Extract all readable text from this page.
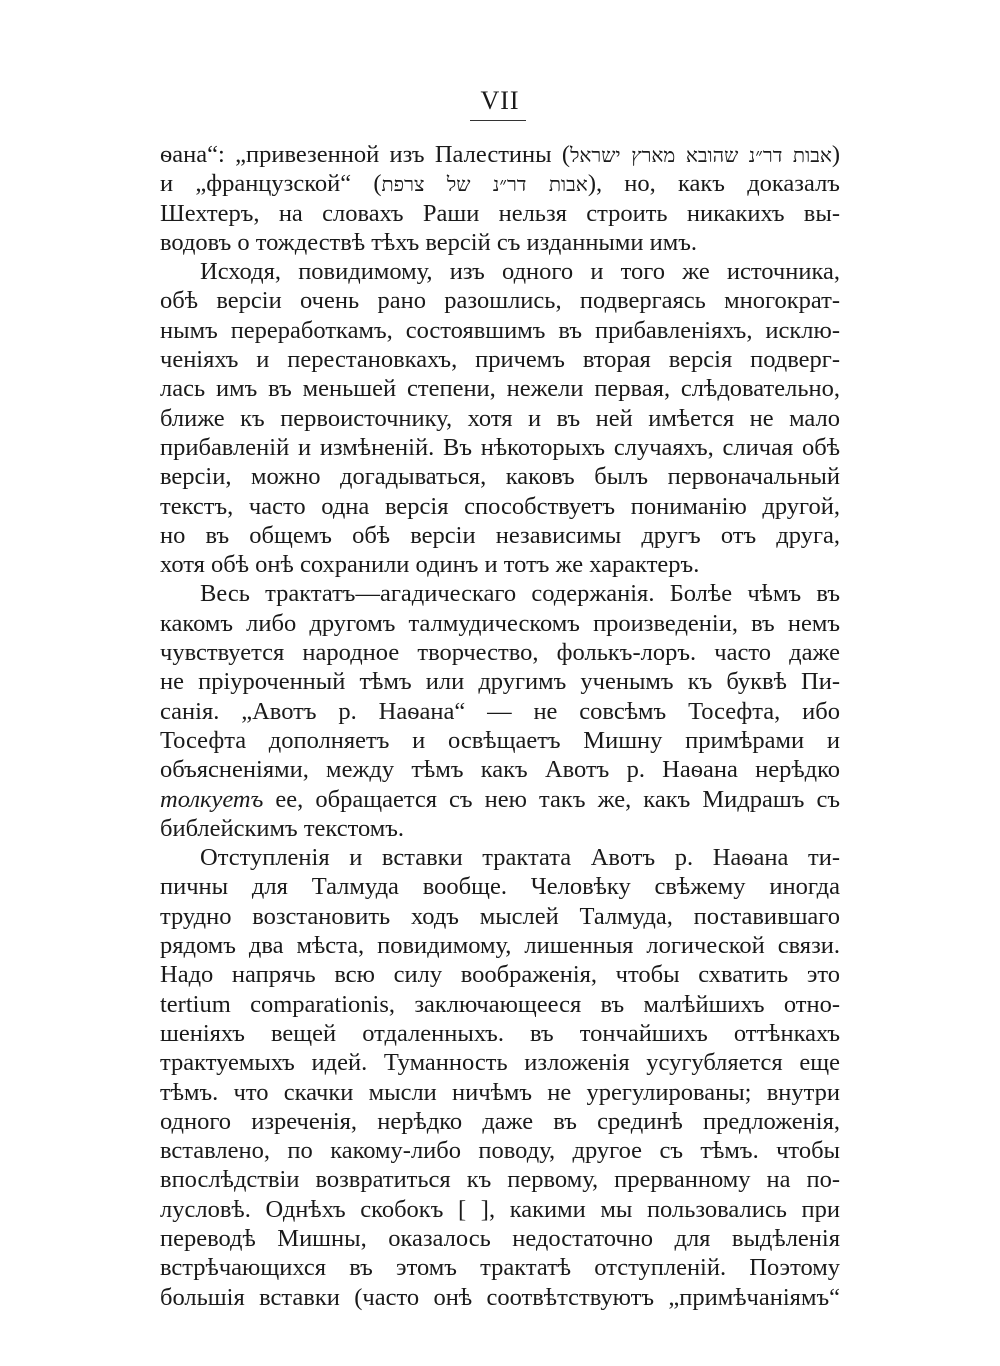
VII
ѳана“: „привезенной изъ Палестины (אבות דר״נ שהובא מארץ ישראל)
и „французской“ (אבות דר״נ של צרפת), но, какъ доказалъ
Шехтеръ, на словахъ Раши нельзя строить никакихъ вы-
водовъ о тождествѣ тѣхъ версій съ изданными имъ.
Исходя, повидимому, изъ одного и того же источника,
обѣ версіи очень рано разошлись, подвергаясь многократ-
нымъ переработкамъ, состоявшимъ въ прибавленіяхъ, исклю-
ченіяхъ и перестановкахъ, причемъ вторая версія подверг-
лась имъ въ меньшей степени, нежели первая, слѣдовательно,
ближе къ первоисточнику, хотя и въ ней имѣется не мало
прибавленій и измѣненій. Въ нѣкоторыхъ случаяхъ, сличая обѣ
версіи, можно догадываться, каковъ былъ первоначальный
текстъ, часто одна версія способствуетъ пониманію другой,
но въ общемъ обѣ версіи независимы другъ отъ друга,
хотя обѣ онѣ сохранили одинъ и тотъ же характеръ.
Весь трактатъ—агадическаго содержанія. Болѣе чѣмъ въ
какомъ либо другомъ талмудическомъ произведеніи, въ немъ
чувствуется народное творчество, фолькъ-лоръ. часто даже
не пріуроченный тѣмъ или другимъ ученымъ къ буквѣ Пи-
санія. „Авотъ р. Наѳана“ — не совсѣмъ Тосефта, ибо
Тосефта дополняетъ и освѣщаетъ Мишну примѣрами и
объясненіями, между тѣмъ какъ Авотъ р. Наѳана нерѣдко
толкуетъ ее, обращается съ нею такъ же, какъ Мидрашъ съ
библейскимъ текстомъ.
Отступленія и вставки трактата Авотъ р. Наѳана ти-
пичны для Талмуда вообще. Человѣку свѣжему иногда
трудно возстановить ходъ мыслей Талмуда, поставившаго
рядомъ два мѣста, повидимому, лишенныя логической связи.
Надо напрячь всю силу воображенія, чтобы схватить это
tertium comparationis, заключающееся въ малѣйшихъ отно-
шеніяхъ вещей отдаленныхъ. въ тончайшихъ оттѣнкахъ
трактуемыхъ идей. Туманность изложенія усугубляется еще
тѣмъ. что скачки мысли ничѣмъ не урегулированы; внутри
одного изреченія, нерѣдко даже въ срединѣ предложенія,
вставлено, по какому-либо поводу, другое съ тѣмъ. чтобы
впослѣдствіи возвратиться къ первому, прерванному на по-
лусловѣ. Однѣхъ скобокъ [ ], какими мы пользовались при
переводѣ Мишны, оказалось недостаточно для выдѣленія
встрѣчающихся въ этомъ трактатѣ отступленій. Поэтому
большія вставки (часто онѣ соотвѣтствуютъ „примѣчаніямъ“
